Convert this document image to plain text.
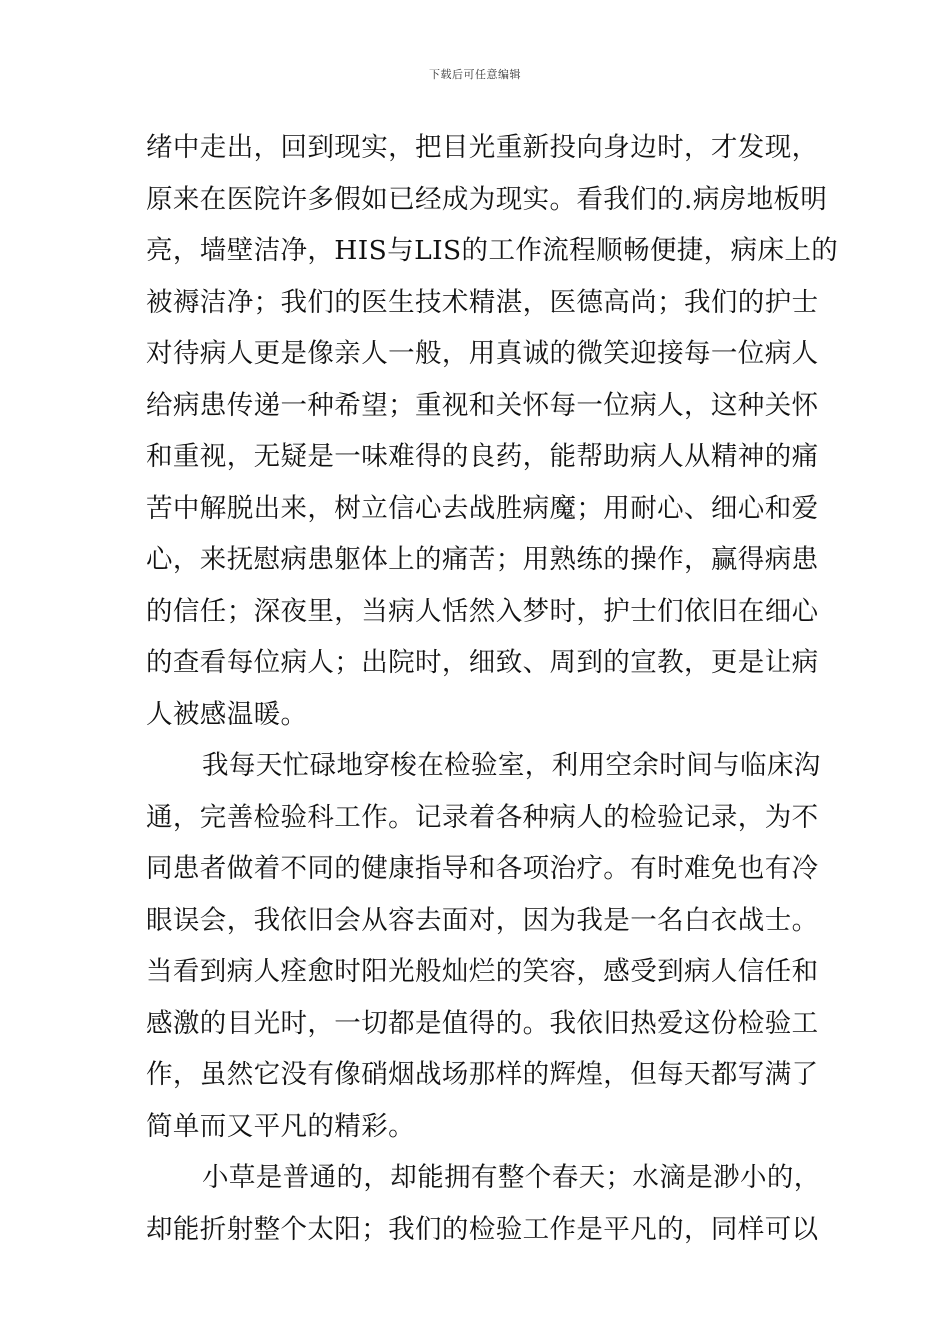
下载后可任意编辑
绪中走出，回到现实，把目光重新投向身边时，才发现，
原来在医院许多假如已经成为现实。看我们的.病房地板明
亮，墙壁洁净，HIS与LIS的工作流程顺畅便捷，病床上的
被褥洁净；我们的医生技术精湛，医德高尚；我们的护士
对待病人更是像亲人一般，用真诚的微笑迎接每一位病人
给病患传递一种希望；重视和关怀每一位病人，这种关怀
和重视，无疑是一味难得的良药，能帮助病人从精神的痛
苦中解脱出来，树立信心去战胜病魔；用耐心、细心和爱
心，来抚慰病患躯体上的痛苦；用熟练的操作，赢得病患
的信任；深夜里，当病人恬然入梦时，护士们依旧在细心
的查看每位病人；出院时，细致、周到的宣教，更是让病
人被感温暖。
我每天忙碌地穿梭在检验室，利用空余时间与临床沟
通，完善检验科工作。记录着各种病人的检验记录，为不
同患者做着不同的健康指导和各项治疗。有时难免也有冷
眼误会，我依旧会从容去面对，因为我是一名白衣战士。
当看到病人痊愈时阳光般灿烂的笑容，感受到病人信任和
感激的目光时，一切都是值得的。我依旧热爱这份检验工
作，虽然它没有像硝烟战场那样的辉煌，但每天都写满了
简单而又平凡的精彩。
小草是普通的，却能拥有整个春天；水滴是渺小的，
却能折射整个太阳；我们的检验工作是平凡的，同样可以
